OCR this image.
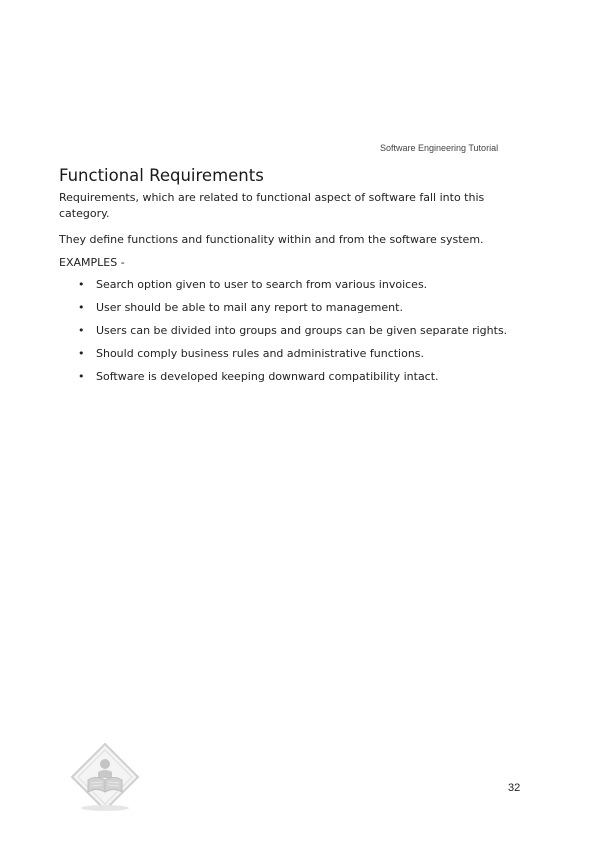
Software Engineering Tutorial
Functional Requirements

Requirements, which are related to functional aspect of software fall into this category.

They define functions and functionality within and from the software system.

EXAMPLES -
• Search option given to user to search from various invoices.
• User should be able to mail any report to management.
• Users can be divided into groups and groups can be given separate rights.
• Should comply business rules and administrative functions.
• Software is developed keeping downward compatibility intact.
32
